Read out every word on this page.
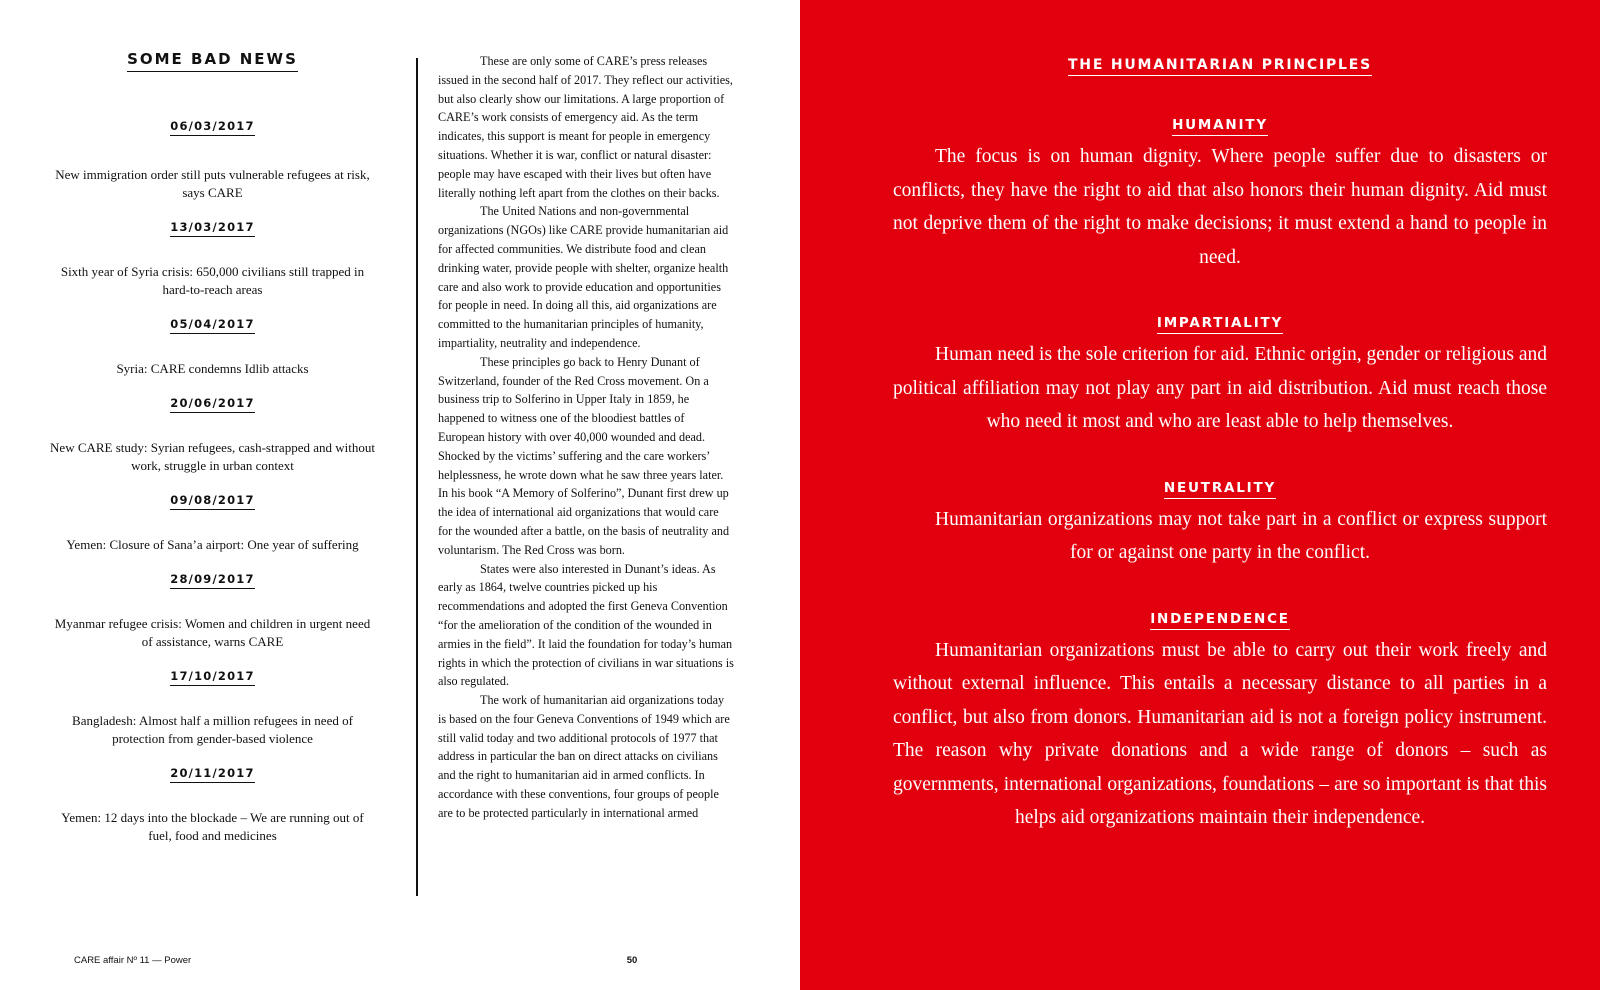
SOME BAD NEWS
06/03/2017
New immigration order still puts vulnerable refugees at risk, says CARE
13/03/2017
Sixth year of Syria crisis: 650,000 civilians still trapped in hard-to-reach areas
05/04/2017
Syria: CARE condemns Idlib attacks
20/06/2017
New CARE study: Syrian refugees, cash-strapped and without work, struggle in urban context
09/08/2017
Yemen: Closure of Sana’a airport: One year of suffering
28/09/2017
Myanmar refugee crisis: Women and children in urgent need of assistance, warns CARE
17/10/2017
Bangladesh: Almost half a million refugees in need of protection from gender-based violence
20/11/2017
Yemen: 12 days into the blockade – We are running out of fuel, food and medicines

These are only some of CARE’s press releases issued in the second half of 2017. They reflect our activities, but also clearly show our limitations. A large proportion of CARE’s work consists of emergency aid. As the term indicates, this support is meant for people in emergency situations. Whether it is war, conflict or natural disaster: people may have escaped with their lives but often have literally nothing left apart from the clothes on their backs.

The United Nations and non-governmental organizations (NGOs) like CARE provide humanitarian aid for affected communities. We distribute food and clean drinking water, provide people with shelter, organize health care and also work to provide education and opportunities for people in need. In doing all this, aid organizations are committed to the humanitarian principles of humanity, impartiality, neutrality and independence.

These principles go back to Henry Dunant of Switzerland, founder of the Red Cross movement. On a business trip to Solferino in Upper Italy in 1859, he happened to witness one of the bloodiest battles of European history with over 40,000 wounded and dead. Shocked by the victims’ suffering and the care workers’ helplessness, he wrote down what he saw three years later. In his book “A Memory of Solferino”, Dunant first drew up the idea of international aid organizations that would care for the wounded after a battle, on the basis of neutrality and voluntarism. The Red Cross was born.

States were also interested in Dunant’s ideas. As early as 1864, twelve countries picked up his recommendations and adopted the first Geneva Convention “for the amelioration of the condition of the wounded in armies in the field”. It laid the foundation for today’s human rights in which the protection of civilians in war situations is also regulated.

The work of humanitarian aid organizations today is based on the four Geneva Conventions of 1949 which are still valid today and two additional protocols of 1977 that address in particular the ban on direct attacks on civilians and the right to humanitarian aid in armed conflicts. In accordance with these conventions, four groups of people are to be protected particularly in international armed

CARE affair Nº 11 — Power	50
THE HUMANITARIAN PRINCIPLES
HUMANITY

The focus is on human dignity. Where people suffer due to disasters or conflicts, they have the right to aid that also honors their human dignity. Aid must not deprive them of the right to make decisions; it must extend a hand to people in need.

IMPARTIALITY

Human need is the sole criterion for aid. Ethnic origin, gender or religious and political affiliation may not play any part in aid distribution. Aid must reach those who need it most and who are least able to help themselves.

NEUTRALITY

Humanitarian organizations may not take part in a conflict or express support for or against one party in the conflict.

INDEPENDENCE

Humanitarian organizations must be able to carry out their work freely and without external influence. This entails a necessary distance to all parties in a conflict, but also from donors. Humanitarian aid is not a foreign policy instrument. The reason why private donations and a wide range of donors – such as governments, international organizations, foundations – are so important is that this helps aid organizations maintain their independence.
